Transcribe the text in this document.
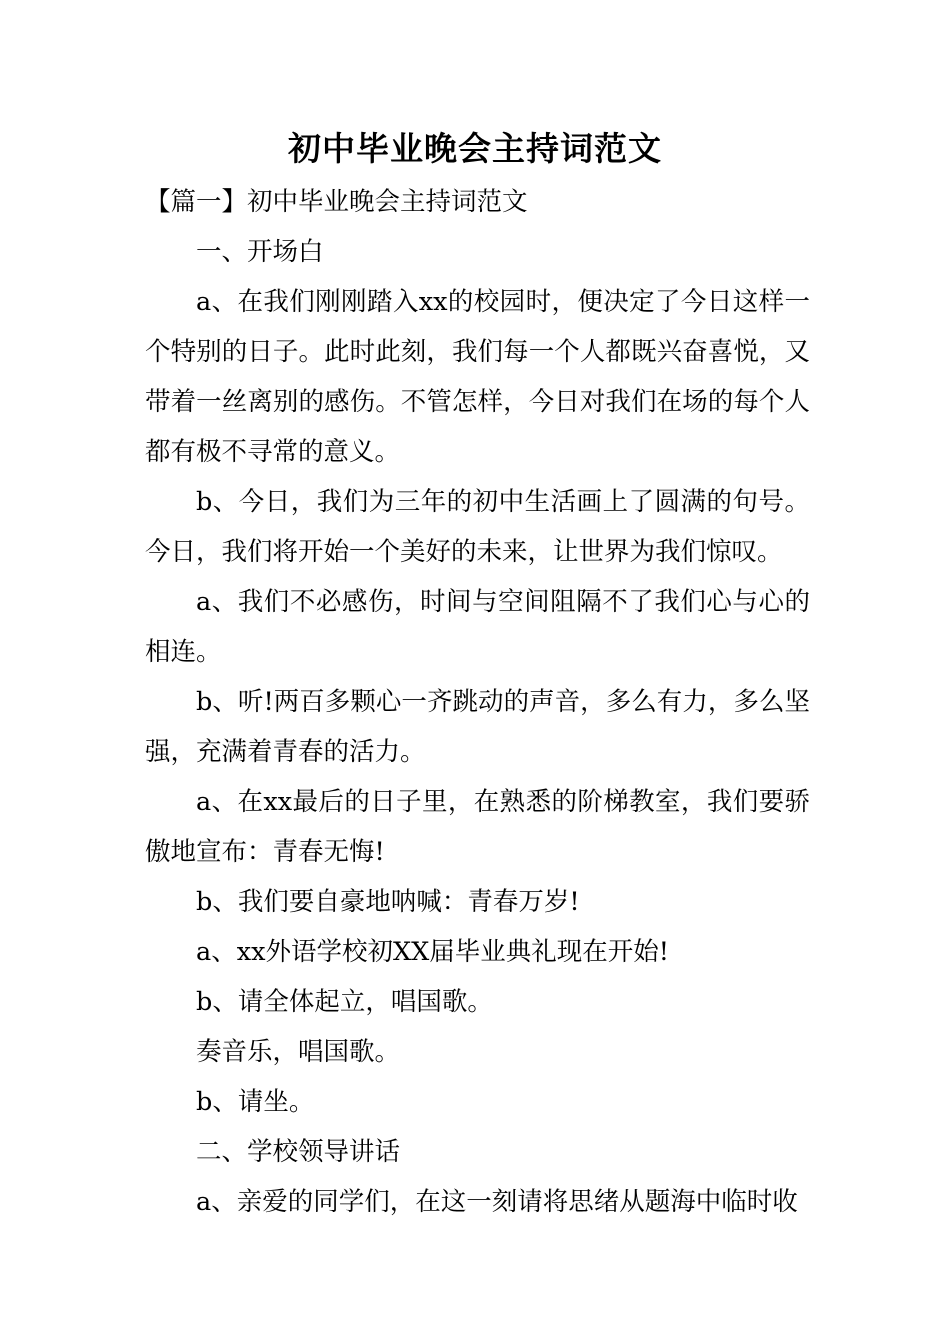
初中毕业晚会主持词范文

【篇一】初中毕业晚会主持词范文

一、开场白

a、在我们刚刚踏入xx的校园时，便决定了今日这样一个特别的日子。此时此刻，我们每一个人都既兴奋喜悦，又带着一丝离别的感伤。不管怎样，今日对我们在场的每个人都有极不寻常的意义。

b、今日，我们为三年的初中生活画上了圆满的句号。今日，我们将开始一个美好的未来，让世界为我们惊叹。

a、我们不必感伤，时间与空间阻隔不了我们心与心的相连。

b、听!两百多颗心一齐跳动的声音，多么有力，多么坚强，充满着青春的活力。

a、在xx最后的日子里，在熟悉的阶梯教室，我们要骄傲地宣布：青春无悔!

b、我们要自豪地呐喊：青春万岁!

a、xx外语学校初XX届毕业典礼现在开始!

b、请全体起立，唱国歌。

奏音乐，唱国歌。

b、请坐。

二、学校领导讲话

a、亲爱的同学们，在这一刻请将思绪从题海中临时收
